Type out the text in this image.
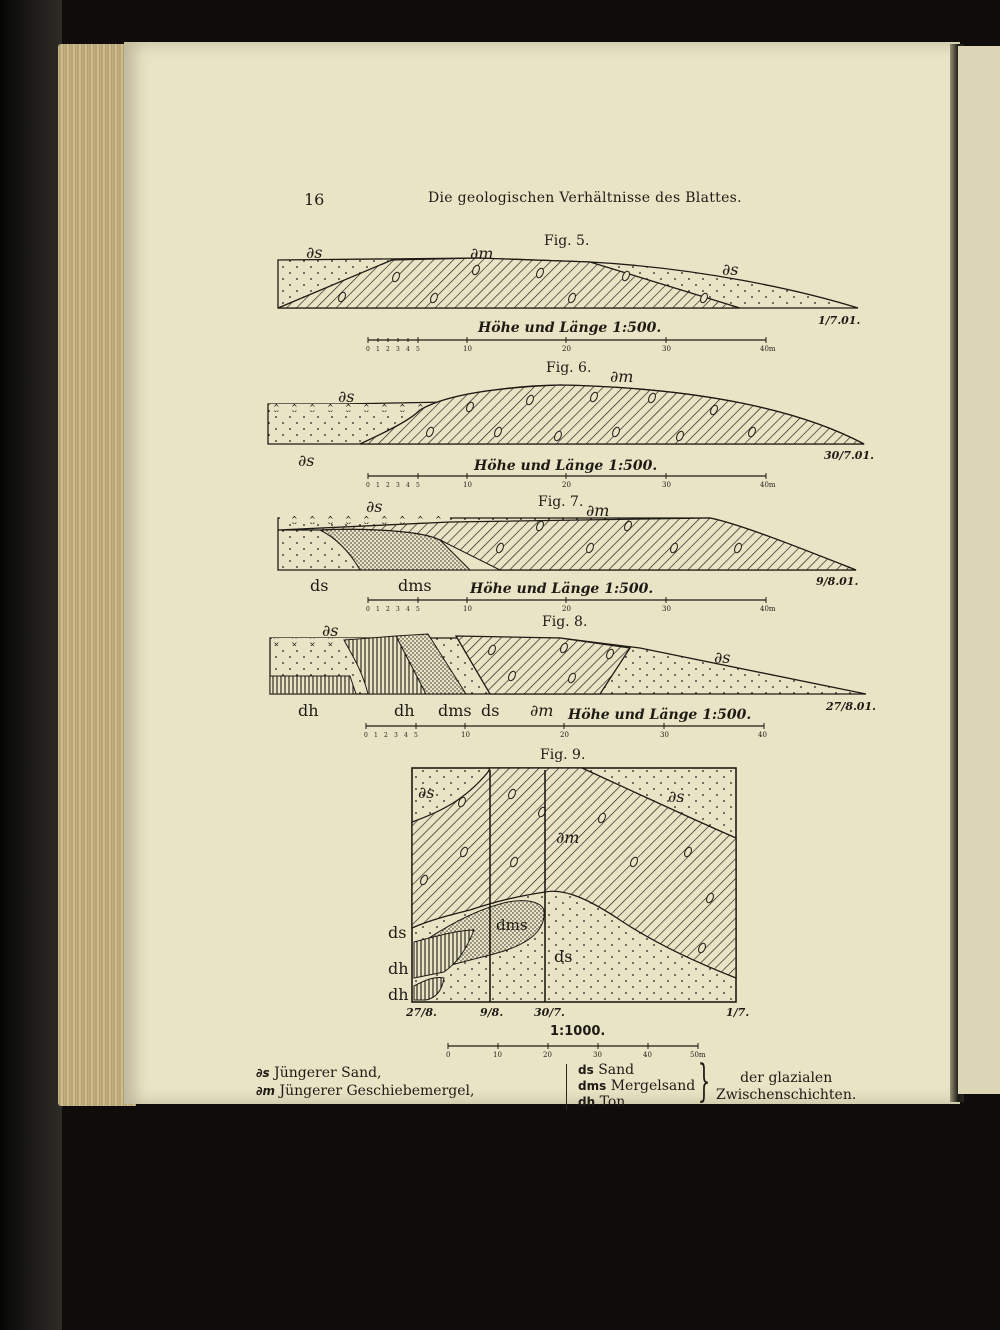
16	Die geologischen Verhältnisse des Blattes.
Fig. 5.
∂s	∂m
∂s
Höhe und Länge 1:500.	1/7.01.
0 1 2 3 4 5	10	20	30	40m
Fig. 6.
∂s
∂s
∂m
Höhe und Länge 1:500.
30/7.01.
0 1 2 3 4 5	10	20	30	40m
Fig. 7.
∂s	∂m
ds	dms	Höhe und Länge 1:500.	9/8.01.
0 1 2 3 4 5	10	20	30	40m
Fig. 8.
∂s
∂s
dh	dh dms ds ∂m Höhe und Länge 1:500.
27/8.01.
0 1 2 3 4 5	10	20	30	40
Fig. 9.
∂s	∂s
∂m
dms
ds
ds
dh
dh
27/8.	9/8.	30/7.	1/7.
1:1000.
0	10	20	30	40	50m
∂s Jüngerer Sand,
∂m Jüngerer Geschiebemergel,
ds Sand
dms Mergelsand
dh Ton	}	der glazialen
Zwischenschichten.
